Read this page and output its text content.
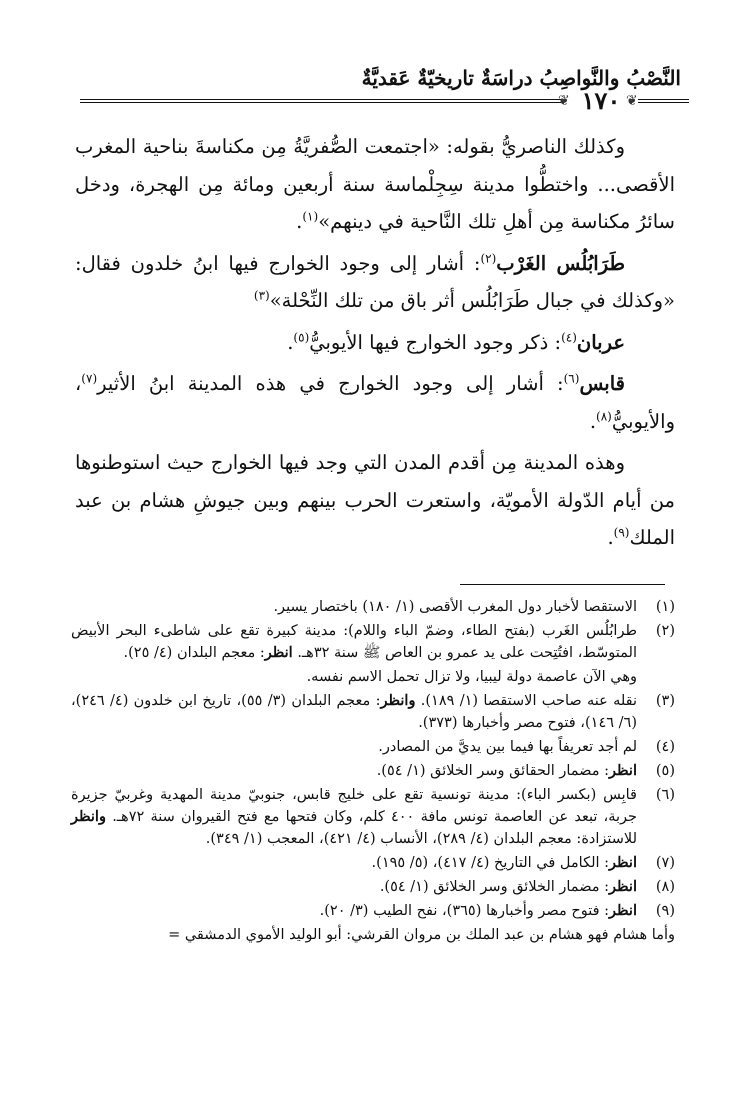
النَّصْبُ والنَّواصِبُ دراسَةٌ تاريخيّةٌ عَقديَّةٌ
❦
❦ ١٧٠

وكذلك الناصريُّ بقوله: «اجتمعت الصُّفريَّةُ مِن مكناسةَ بناحية المغرب الأقصى... واختطُّوا مدينة سِجِلْماسة سنة أربعين ومائة مِن الهجرة، ودخل سائرُ مكناسة مِن أهلِ تلك النَّاحية في دينهم»$^{(١)}$.

طَرَابُلُس الغَرْب$^{(٢)}$: أشار إلى وجود الخوارج فيها ابنُ خلدون فقال: «وكذلك في جبال طَرَابُلُس أثر باق من تلك النِّحْلة»$^{(٣)}$

عربان$^{(٤)}$: ذكر وجود الخوارج فيها الأيوبيُّ$^{(٥)}$.

قابس$^{(٦)}$: أشار إلى وجود الخوارج في هذه المدينة ابنُ الأثير$^{(٧)}$، والأيوبيُّ$^{(٨)}$.

وهذه المدينة مِن أقدم المدن التي وجد فيها الخوارج حيث استوطنوها من أيام الدّولة الأمويّة، واستعرت الحرب بينهم وبين جيوشِ هشام بن عبد الملك$^{(٩)}$.

(١)
الاستقصا لأخبار دول المغرب الأقصى (١/ ١٨٠) باختصار يسير.
(٢)
طرابُلُس الغَرب (بفتح الطاء، وضمّ الباء واللام): مدينة كبيرة تقع على شاطىء البحر الأبيض المتوسّط، افتُتِحت على يد عمرو بن العاص ﷺ سنة ٣٢هـ. انظر: معجم البلدان (٤/ ٢٥).
وهي الآن عاصمة دولة ليبيا، ولا تزال تحمل الاسم نفسه.
(٣)
نقله عنه صاحب الاستقصا (١/ ١٨٩). وانظر: معجم البلدان (٣/ ٥٥)، تاريخ ابن خلدون (٤/ ٢٤٦)، (٦/ ١٤٦)، فتوح مصر وأخبارها (٣٧٣).
(٤)
لم أجد تعريفاً بها فيما بين يديَّ من المصادر.
(٥)
انظر: مضمار الحقائق وسر الخلائق (١/ ٥٤).
(٦)
قابِس (بكسر الباء): مدينة تونسية تقع على خليج قابس، جنوبيّ مدينة المهدية وغربيّ جزيرة جربة، تبعد عن العاصمة تونس مافة ٤٠٠ كلم، وكان فتحها مع فتح القيروان سنة ٧٢هـ. وانظر للاستزادة: معجم البلدان (٤/ ٢٨٩)، الأنساب (٤/ ٤٢١)، المعجب (١/ ٣٤٩).
(٧)
انظر: الكامل في التاريخ (٤/ ٤١٧)، (٥/ ١٩٥).
(٨)
انظر: مضمار الخلائق وسر الخلائق (١/ ٥٤).
(٩)
انظر: فتوح مصر وأخبارها (٣٦٥)، نفح الطيب (٣/ ٢٠).
وأما هشام فهو هشام بن عبد الملك بن مروان القرشي: أبو الوليد الأموي الدمشقي =
